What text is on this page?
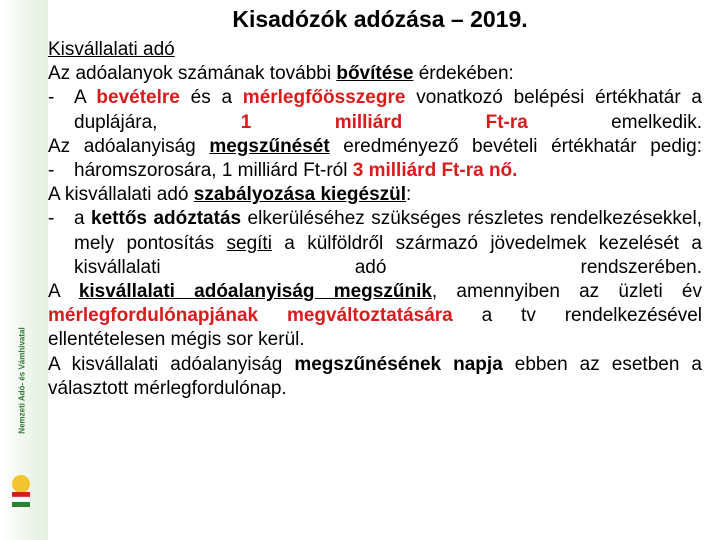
Nemzeti Adó- és Vámhivatal
Kisadózók adózása – 2019.

Kisvállalati adó

Az adóalanyok számának további bővítése érdekében:

- A bevételre és a mérlegfőösszegre vonatkozó belépési értékhatár a duplájára, 1 milliárd Ft-ra emelkedik.

Az adóalanyiság megszűnését eredményező bevételi értékhatár pedig:

- háromszorosára, 1 milliárd Ft-ról 3 milliárd Ft-ra nő.

A kisvállalati adó szabályozása kiegészül:

- a kettős adóztatás elkerüléséhez szükséges részletes rendelkezésekkel, mely pontosítás segíti a külföldről származó jövedelmek kezelését a kisvállalati adó rendszerében.

A kisvállalati adóalanyiság megszűnik, amennyiben az üzleti év mérlegfordulónapjának megváltoztatására a tv rendelkezésével ellentételesen mégis sor kerül.

A kisvállalati adóalanyiság megszűnésének napja ebben az esetben a választott mérlegfordulónap.
